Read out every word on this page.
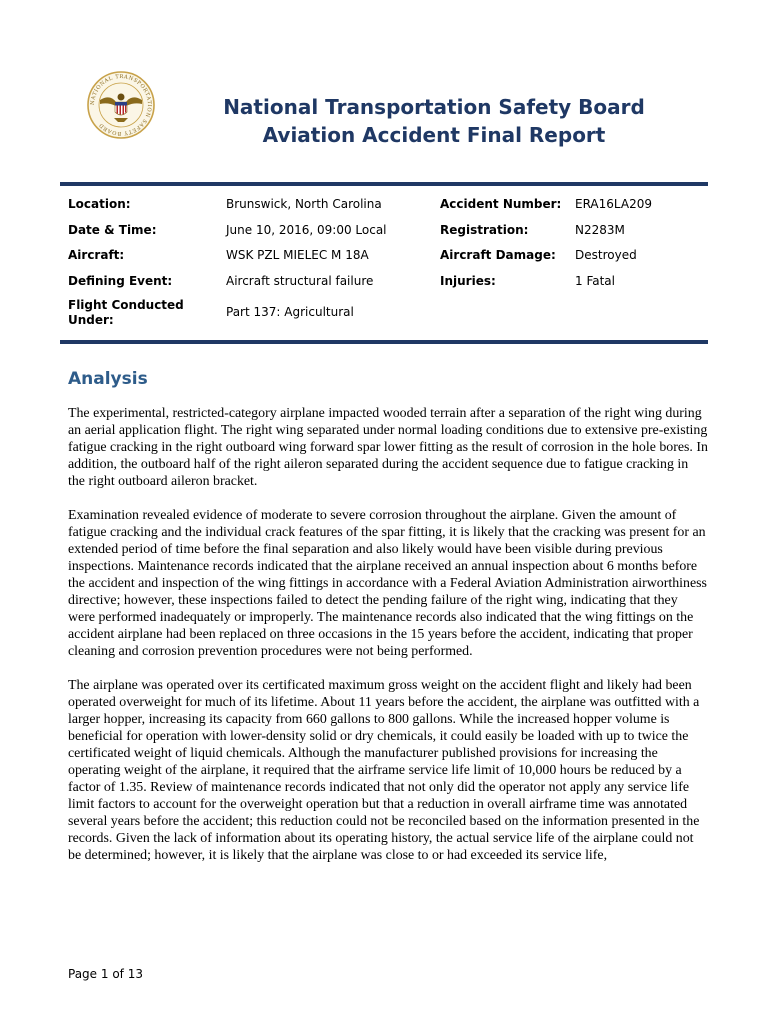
NATIONAL TRANSPORTATION SAFETY BOARD
National Transportation Safety Board
Aviation Accident Final Report
Location:	Brunswick, North Carolina	Accident Number:	ERA16LA209
Date & Time:	June 10, 2016, 09:00 Local	Registration:	N2283M
Aircraft:	WSK PZL MIELEC M 18A	Aircraft Damage:	Destroyed
Defining Event:	Aircraft structural failure	Injuries:	1 Fatal
Flight Conducted
Under:
Part 137: Agricultural
Analysis

The experimental, restricted-category airplane impacted wooded terrain after a separation of the right wing during an aerial application flight. The right wing separated under normal loading conditions due to extensive pre-existing fatigue cracking in the right outboard wing forward spar lower fitting as the result of corrosion in the hole bores. In addition, the outboard half of the right aileron separated during the accident sequence due to fatigue cracking in the right outboard aileron bracket.

Examination revealed evidence of moderate to severe corrosion throughout the airplane. Given the amount of fatigue cracking and the individual crack features of the spar fitting, it is likely that the cracking was present for an extended period of time before the final separation and also likely would have been visible during previous inspections. Maintenance records indicated that the airplane received an annual inspection about 6 months before the accident and inspection of the wing fittings in accordance with a Federal Aviation Administration airworthiness directive; however, these inspections failed to detect the pending failure of the right wing, indicating that they were performed inadequately or improperly. The maintenance records also indicated that the wing fittings on the accident airplane had been replaced on three occasions in the 15 years before the accident, indicating that proper cleaning and corrosion prevention procedures were not being performed.

The airplane was operated over its certificated maximum gross weight on the accident flight and likely had been operated overweight for much of its lifetime. About 11 years before the accident, the airplane was outfitted with a larger hopper, increasing its capacity from 660 gallons to 800 gallons. While the increased hopper volume is beneficial for operation with lower-density solid or dry chemicals, it could easily be loaded with up to twice the certificated weight of liquid chemicals. Although the manufacturer published provisions for increasing the operating weight of the airplane, it required that the airframe service life limit of 10,000 hours be reduced by a factor of 1.35. Review of maintenance records indicated that not only did the operator not apply any service life limit factors to account for the overweight operation but that a reduction in overall airframe time was annotated several years before the accident; this reduction could not be reconciled based on the information presented in the records. Given the lack of information about its operating history, the actual service life of the airplane could not be determined; however, it is likely that the airplane was close to or had exceeded its service life,

Page 1 of 13
